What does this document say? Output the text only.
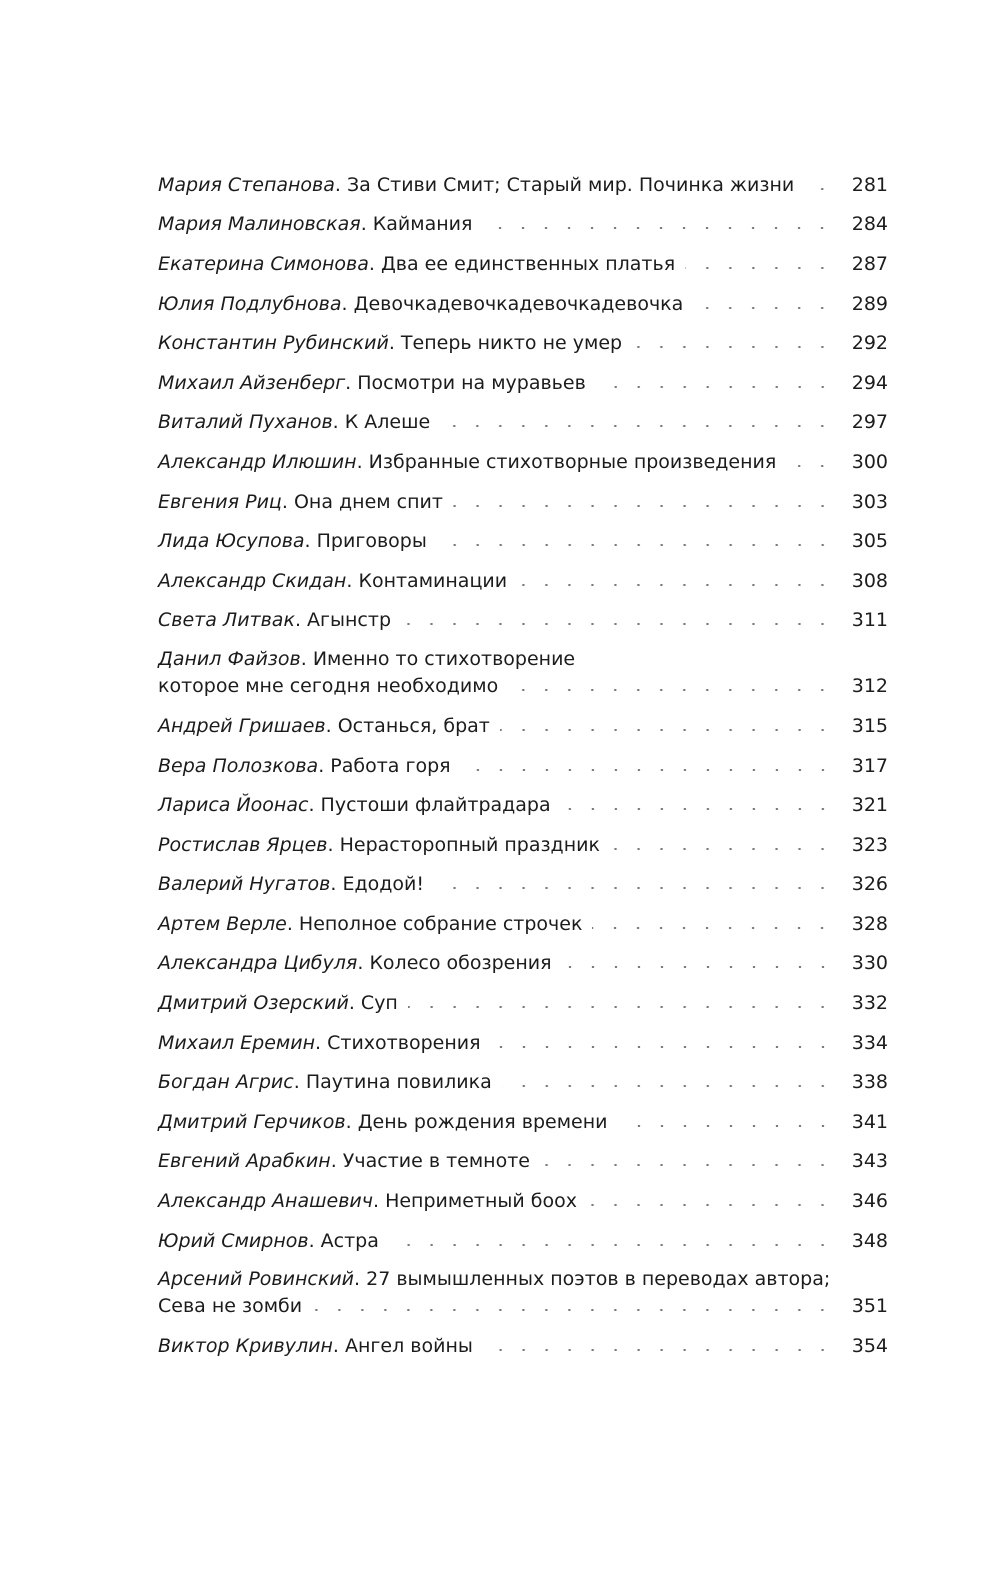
Мария Степанова . За Стиви Смит; Старый мир. Починка жизни	281
Мария Малиновская . Каймания	284
Екатерина Симонова . Два ее единственных платья	287
Юлия Подлубнова . Девочкадевочкадевочкадевочка	289
Константин Рубинский . Теперь никто не умер	292
Михаил Айзенберг . Посмотри на муравьев	294
Виталий Пуханов . К Алеше	297
Александр Илюшин . Избранные стихотворные произведения	300
Евгения Риц . Она днем спит	303
Лида Юсупова . Приговоры	305
Александр Скидан . Контаминации	308
Света Литвак . Агынстр	311
Данил Файзов. Именно то стихотворение
которое мне сегодня необходимо	312
Андрей Гришаев . Останься, брат	315
Вера Полозкова . Работа горя	317
Лариса Йоонас . Пустоши флайтрадара	321
Ростислав Ярцев . Нерасторопный праздник	323
Валерий Нугатов . Едодой!	326
Артем Верле . Неполное собрание строчек	328
Александра Цибуля . Колесо обозрения	330
Дмитрий Озерский . Суп	332
Михаил Еремин . Стихотворения	334
Богдан Агрис . Паутина повилика	338
Дмитрий Герчиков . День рождения времени	341
Евгений Арабкин . Участие в темноте	343
Александр Анашевич . Неприметный боох	346
Юрий Смирнов . Астра	348
Арсений Ровинский. 27 вымышленных поэтов в переводах автора;
Сева не зомби	351
Виктор Кривулин . Ангел войны	354
